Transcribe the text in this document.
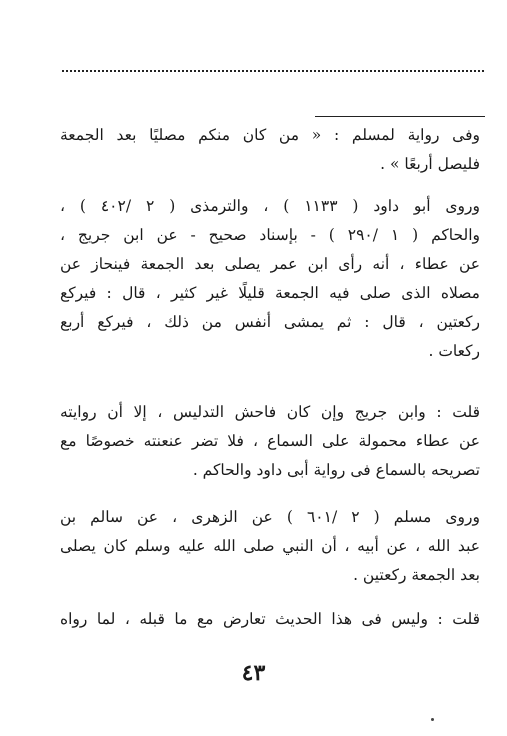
وفى رواية لمسلم : « من كان منكم مصليًا بعد الجمعة
فليصل أربعًا » .
وروى أبو داود ( ١١٣٣ ) ، والترمذى ( ٢ /٤٠٢ ) ،
والحاكم ( ١ /٢٩٠ ) - بإسناد صحيح - عن ابن جريج ،
عن عطاء ، أنه رأى ابن عمر يصلى بعد الجمعة فينحاز عن
مصلاه الذى صلى فيه الجمعة قليلًا غير كثير ، قال : فيركع
ركعتين ، قال : ثم يمشى أنفس من ذلك ، فيركع أربع
ركعات .
قلت : وابن جريج وإن كان فاحش التدليس ، إلا أن روايته
عن عطاء محمولة على السماع ، فلا تضر عنعنته خصوصًا مع
تصريحه بالسماع فى رواية أبى داود والحاكم .
وروى مسلم ( ٢ /٦٠١ ) عن الزهرى ، عن سالم بن
عبد الله ، عن أبيه ، أن النبي صلى الله عليه وسلم كان يصلى
بعد الجمعة ركعتين .
قلت : وليس فى هذا الحديث تعارض مع ما قبله ، لما رواه
٤٣
